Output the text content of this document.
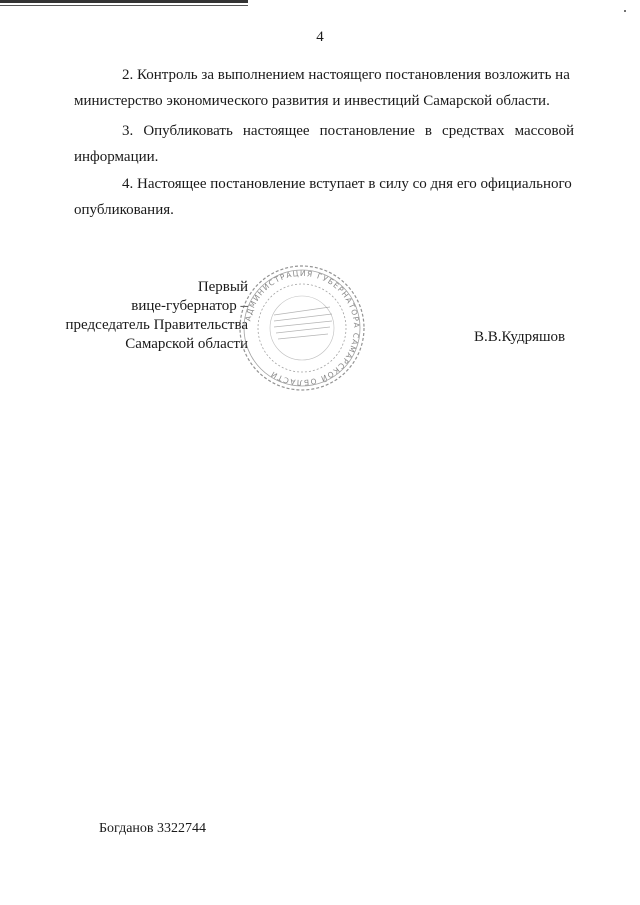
4

2. Контроль за выполнением настоящего постановления возложить на
министерство экономического развития и инвестиций Самарской области.

3. Опубликовать настоящее постановление в средствах массовой
информации.

4. Настоящее постановление вступает в силу со дня его официального
опубликования.

Первый
вице-губернатор –
председатель Правительства
Самарской области
АДМИНИСТРАЦИЯ ГУБЕРНАТОРА САМАРСКОЙ ОБЛАСТИ
В.В.Кудряшов
Богданов 3322744
